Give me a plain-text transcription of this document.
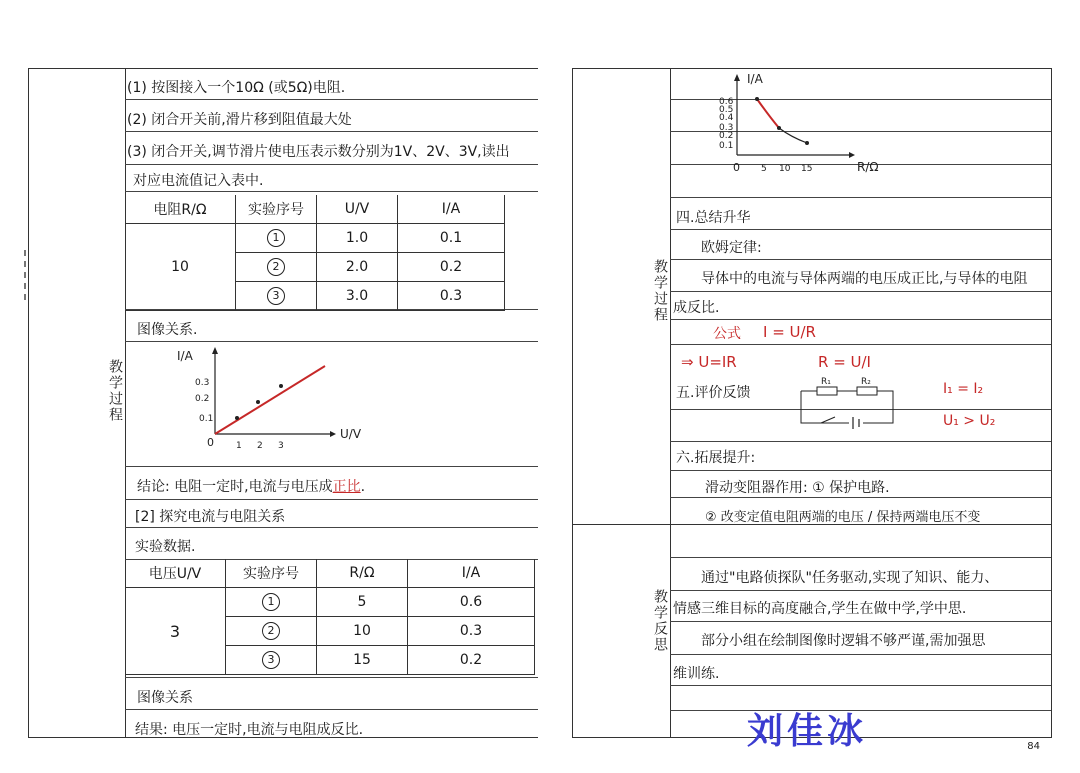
教学过程
(1) 按图接入一个10Ω (或5Ω)电阻.
(2) 闭合开关前,滑片移到阻值最大处
(3) 闭合开关,调节滑片使电压表示数分别为1V、2V、3V,读出
对应电流值记入表中.
电阻R/Ω	实验序号	U/V	I/A
10	1	1.0	0.1
	2	2.0	0.2
	3	3.0	0.3
图像关系.
I/A
U/V
0
0.3
0.2
0.1
1 2 3
结论: 电阻一定时,电流与电压成正比.
[2] 探究电流与电阻关系
实验数据.
电压U/V	实验序号	R/Ω	I/A
3	1	5	0.6
	2	10	0.3
	3	15	0.2
图像关系
结果: 电压一定时,电流与电阻成反比.
教学过程
教学反思
I/A
R/Ω
0
0.6
0.5
0.4
0.3
0.2
0.1
5 10 15
四.总结升华
欧姆定律:
导体中的电流与导体两端的电压成正比,与导体的电阻
成反比.
公式 I = U/R
⇒ U=IR	R = U/I
五.评价反馈
R₁	R₂	I₁ = I₂
U₁ > U₂
六.拓展提升:
滑动变阻器作用: ① 保护电路.
② 改变定值电阻两端的电压 / 保持两端电压不变
通过"电路侦探队"任务驱动,实现了知识、能力、
情感三维目标的高度融合,学生在做中学,学中思.
部分小组在绘制图像时逻辑不够严谨,需加强思
维训练.
刘佳冰	84
